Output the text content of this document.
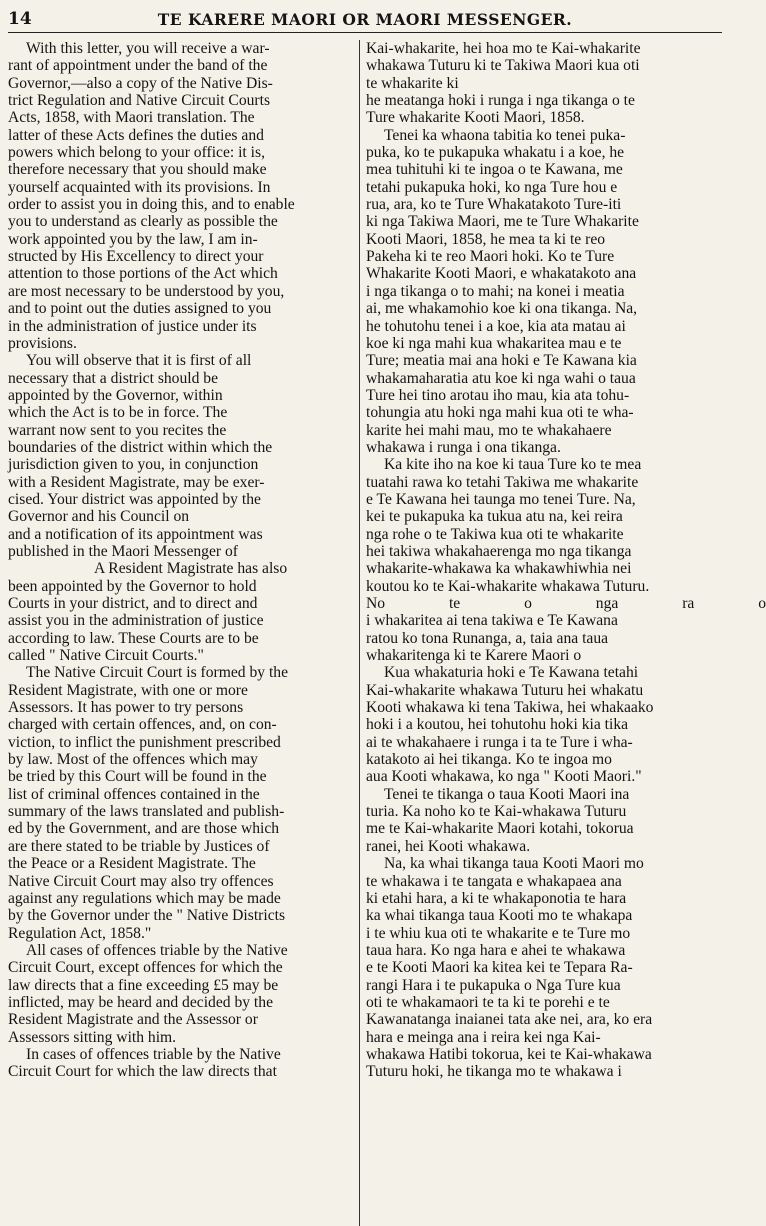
14	TE KARERE MAORI OR MAORI MESSENGER.

With this letter, you will receive a war-

rant of appointment under the band of the

Governor,—also a copy of the Native Dis-

trict Regulation and Native Circuit Courts

Acts, 1858, with Maori translation. The

latter of these Acts defines the duties and

powers which belong to your office: it is,

therefore necessary that you should make

yourself acquainted with its provisions. In

order to assist you in doing this, and to enable

you to understand as clearly as possible the

work appointed you by the law, I am in-

structed by His Excellency to direct your

attention to those portions of the Act which

are most necessary to be understood by you,

and to point out the duties assigned to you

in the administration of justice under its

provisions.

You will observe that it is first of all

necessary that a district should be

appointed by the Governor, within

which the Act is to be in force. The

warrant now sent to you recites the

boundaries of the district within which the

jurisdiction given to you, in conjunction

with a Resident Magistrate, may be exer-

cised. Your district was appointed by the

Governor and his Council on

and a notification of its appointment was

published in the Maori Messenger of

A Resident Magistrate has also

been appointed by the Governor to hold

Courts in your district, and to direct and

assist you in the administration of justice

according to law. These Courts are to be

called " Native Circuit Courts."

The Native Circuit Court is formed by the

Resident Magistrate, with one or more

Assessors. It has power to try persons

charged with certain offences, and, on con-

viction, to inflict the punishment prescribed

by law. Most of the offences which may

be tried by this Court will be found in the

list of criminal offences contained in the

summary of the laws translated and publish-

ed by the Government, and are those which

are there stated to be triable by Justices of

the Peace or a Resident Magistrate. The

Native Circuit Court may also try offences

against any regulations which may be made

by the Governor under the " Native Districts

Regulation Act, 1858."

All cases of offences triable by the Native

Circuit Court, except offences for which the

law directs that a fine exceeding £5 may be

inflicted, may be heard and decided by the

Resident Magistrate and the Assessor or

Assessors sitting with him.

In cases of offences triable by the Native

Circuit Court for which the law directs that

Kai-whakarite, hei hoa mo te Kai-whakarite

whakawa Tuturu ki te Takiwa Maori kua oti

te whakarite ki

he meatanga hoki i runga i nga tikanga o te

Ture whakarite Kooti Maori, 1858.

Tenei ka whaona tabitia ko tenei puka-

puka, ko te pukapuka whakatu i a koe, he

mea tuhituhi ki te ingoa o te Kawana, me

tetahi pukapuka hoki, ko nga Ture hou e

rua, ara, ko te Ture Whakatakoto Ture-iti

ki nga Takiwa Maori, me te Ture Whakarite

Kooti Maori, 1858, he mea ta ki te reo

Pakeha ki te reo Maori hoki. Ko te Ture

Whakarite Kooti Maori, e whakatakoto ana

i nga tikanga o to mahi; na konei i meatia

ai, me whakamohio koe ki ona tikanga. Na,

he tohutohu tenei i a koe, kia ata matau ai

koe ki nga mahi kua whakaritea mau e te

Ture; meatia mai ana hoki e Te Kawana kia

whakamaharatia atu koe ki nga wahi o taua

Ture hei tino arotau iho mau, kia ata tohu-

tohungia atu hoki nga mahi kua oti te wha-

karite hei mahi mau, mo te whakahaere

whakawa i runga i ona tikanga.

Ka kite iho na koe ki taua Ture ko te mea

tuatahi rawa ko tetahi Takiwa me whakarite

e Te Kawana hei taunga mo tenei Ture. Na,

kei te pukapuka ka tukua atu na, kei reira

nga rohe o te Takiwa kua oti te whakarite

hei takiwa whakahaerenga mo nga tikanga

whakarite-whakawa ka whakawhiwhia nei

koutou ko te Kai-whakarite whakawa Tuturu.

No te o nga ra o

i whakaritea ai tena takiwa e Te Kawana

ratou ko tona Runanga, a, taia ana taua

whakaritenga ki te Karere Maori o

Kua whakaturia hoki e Te Kawana tetahi

Kai-whakarite whakawa Tuturu hei whakatu

Kooti whakawa ki tena Takiwa, hei whakaako

hoki i a koutou, hei tohutohu hoki kia tika

ai te whakahaere i runga i ta te Ture i wha-

katakoto ai hei tikanga. Ko te ingoa mo

aua Kooti whakawa, ko nga " Kooti Maori."

Tenei te tikanga o taua Kooti Maori ina

turia. Ka noho ko te Kai-whakawa Tuturu

me te Kai-whakarite Maori kotahi, tokorua

ranei, hei Kooti whakawa.

Na, ka whai tikanga taua Kooti Maori mo

te whakawa i te tangata e whakapaea ana

ki etahi hara, a ki te whakaponotia te hara

ka whai tikanga taua Kooti mo te whakapa

i te whiu kua oti te whakarite e te Ture mo

taua hara. Ko nga hara e ahei te whakawa

e te Kooti Maori ka kitea kei te Tepara Ra-

rangi Hara i te pukapuka o Nga Ture kua

oti te whakamaori te ta ki te porehi e te

Kawanatanga inaianei tata ake nei, ara, ko era

hara e meinga ana i reira kei nga Kai-

whakawa Hatibi tokorua, kei te Kai-whakawa

Tuturu hoki, he tikanga mo te whakawa i
